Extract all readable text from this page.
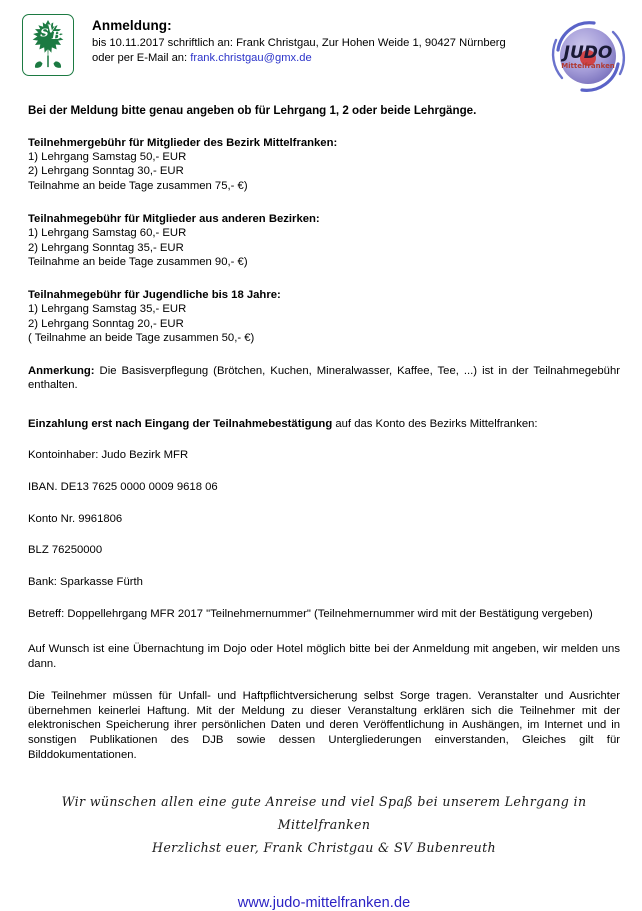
S
V
B
Anmeldung:
bis 10.11.2017 schriftlich an: Frank Christgau, Zur Hohen Weide 1, 90427 Nürnberg
oder per E-Mail an: frank.christgau@gmx.de	JUDO
Mittelfranken
Bei der Meldung bitte genau angeben ob für Lehrgang 1, 2 oder beide Lehrgänge.
Teilnehmergebühr für Mitglieder des Bezirk Mittelfranken:
1) Lehrgang Samstag 50,- EUR
2) Lehrgang Sonntag 30,- EUR
Teilnahme an beide Tage zusammen 75,- €)
Teilnahmegebühr für Mitglieder aus anderen Bezirken:
1) Lehrgang Samstag 60,- EUR
2) Lehrgang Sonntag 35,- EUR
Teilnahme an beide Tage zusammen 90,- €)
Teilnahmegebühr für Jugendliche bis 18 Jahre:
1) Lehrgang Samstag 35,- EUR
2) Lehrgang Sonntag 20,- EUR
( Teilnahme an beide Tage zusammen 50,- €)
Anmerkung: Die Basisverpflegung (Brötchen, Kuchen, Mineralwasser, Kaffee, Tee, ...) ist in der Teilnahmegebühr enthalten.
Einzahlung erst nach Eingang der Teilnahmebestätigung auf das Konto des Bezirks Mittelfranken:
Kontoinhaber: Judo Bezirk MFR
IBAN. DE13 7625 0000 0009 9618 06
Konto Nr. 9961806
BLZ 76250000
Bank: Sparkasse Fürth
Betreff: Doppellehrgang MFR 2017 "Teilnehmernummer" (Teilnehmernummer wird mit der Bestätigung vergeben)
Auf Wunsch ist eine Übernachtung im Dojo oder Hotel möglich bitte bei der Anmeldung mit angeben, wir melden uns dann.
Die Teilnehmer müssen für Unfall- und Haftpflichtversicherung selbst Sorge tragen. Veranstalter und Ausrichter übernehmen keinerlei Haftung. Mit der Meldung zu dieser Veranstaltung erklären sich die Teilnehmer mit der elektronischen Speicherung ihrer persönlichen Daten und deren Veröffentlichung in Aushängen, im Internet und in sonstigen Publikationen des DJB sowie dessen Untergliederungen einverstanden, Gleiches gilt für Bilddokumentationen.
Wir wünschen allen eine gute Anreise und viel Spaß bei unserem Lehrgang in Mittelfranken
Herzlichst euer, Frank Christgau & SV Bubenreuth
www.judo-mittelfranken.de
